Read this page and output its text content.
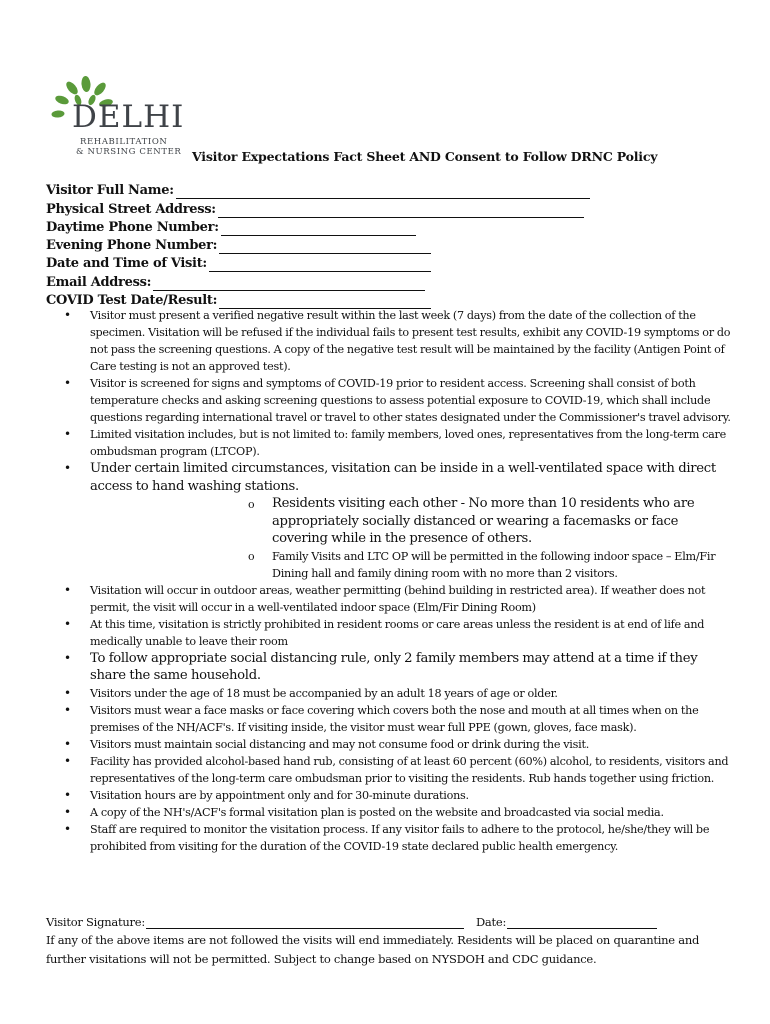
DELHI
REHABILITATION
& NURSING CENTER Visitor Expectations Fact Sheet AND Consent to Follow DRNC Policy
Visitor Full Name:
Physical Street Address:
Daytime Phone Number:
Evening Phone Number:
Date and Time of Visit:
Email Address:
COVID Test Date/Result:
• Visitor must present a verified negative result within the last week (7 days) from the date of the collection of the specimen. Visitation will be refused if the individual fails to present test results, exhibit any COVID-19 symptoms or do not pass the screening questions. A copy of the negative test result will be maintained by the facility (Antigen Point of Care testing is not an approved test).
• Visitor is screened for signs and symptoms of COVID-19 prior to resident access. Screening shall consist of both temperature checks and asking screening questions to assess potential exposure to COVID-19, which shall include questions regarding international travel or travel to other states designated under the Commissioner's travel advisory.
• Limited visitation includes, but is not limited to: family members, loved ones, representatives from the long-term care ombudsman program (LTCOP).
• Under certain limited circumstances, visitation can be inside in a well-ventilated space with direct access to hand washing stations.
o Residents visiting each other - No more than 10 residents who are appropriately socially distanced or wearing a facemasks or face covering while in the presence of others.
o Family Visits and LTC OP will be permitted in the following indoor space – Elm/Fir Dining hall and family dining room with no more than 2 visitors.
• Visitation will occur in outdoor areas, weather permitting (behind building in restricted area). If weather does not permit, the visit will occur in a well-ventilated indoor space (Elm/Fir Dining Room)
• At this time, visitation is strictly prohibited in resident rooms or care areas unless the resident is at end of life and medically unable to leave their room
• To follow appropriate social distancing rule, only 2 family members may attend at a time if they share the same household.
• Visitors under the age of 18 must be accompanied by an adult 18 years of age or older.
• Visitors must wear a face masks or face covering which covers both the nose and mouth at all times when on the premises of the NH/ACF's. If visiting inside, the visitor must wear full PPE (gown, gloves, face mask).
• Visitors must maintain social distancing and may not consume food or drink during the visit.
• Facility has provided alcohol-based hand rub, consisting of at least 60 percent (60%) alcohol, to residents, visitors and representatives of the long-term care ombudsman prior to visiting the residents. Rub hands together using friction.
• Visitation hours are by appointment only and for 30-minute durations.
• A copy of the NH's/ACF's formal visitation plan is posted on the website and broadcasted via social media.
• Staff are required to monitor the visitation process. If any visitor fails to adhere to the protocol, he/she/they will be prohibited from visiting for the duration of the COVID-19 state declared public health emergency.
Visitor Signature:	Date:
If any of the above items are not followed the visits will end immediately. Residents will be placed on quarantine and further visitations will not be permitted. Subject to change based on NYSDOH and CDC guidance.
